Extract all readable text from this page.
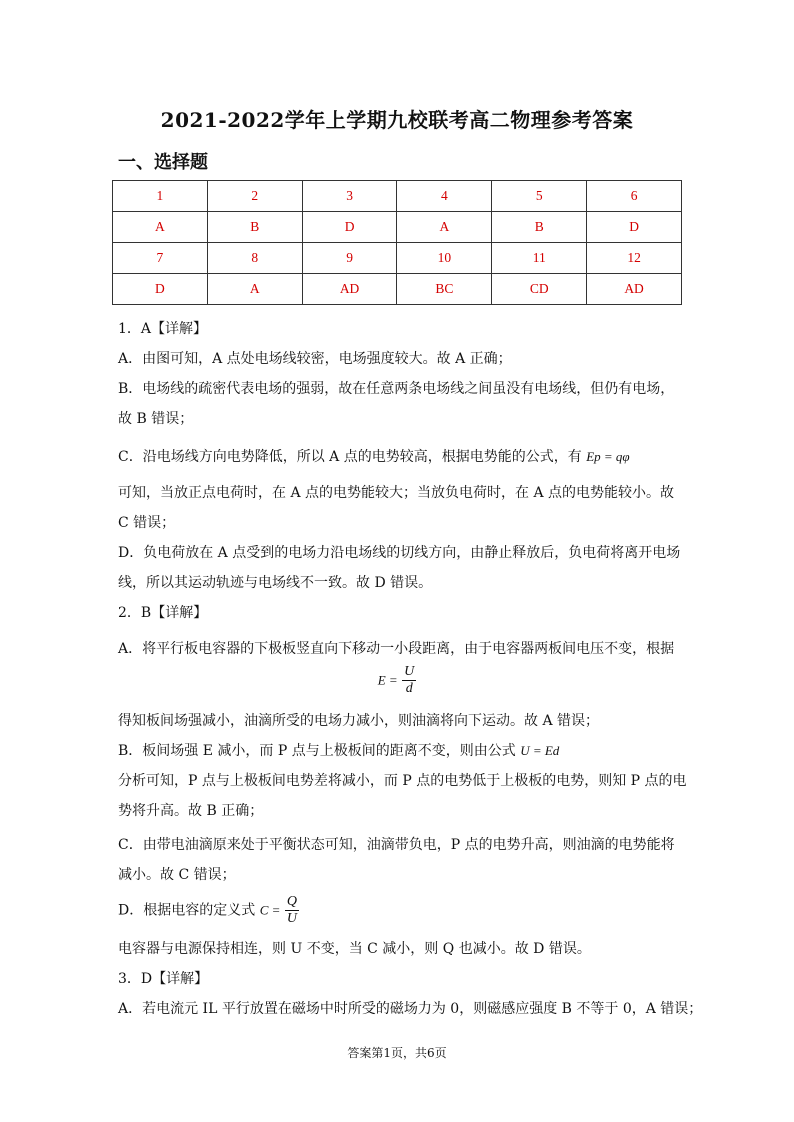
2021-2022学年上学期九校联考高二物理参考答案
一、选择题
1	2	3	4	5	6
A	B	D	A	B	D
7	8	9	10	11	12
D	A	AD	BC	CD	AD
1．A【详解】
A．由图可知，A 点处电场线较密，电场强度较大。故 A 正确；
B．电场线的疏密代表电场的强弱，故在任意两条电场线之间虽没有电场线，但仍有电场，
故 B 错误；
C．沿电场线方向电势降低，所以 A 点的电势较高，根据电势能的公式，有 Ep = qφ
可知，当放正点电荷时，在 A 点的电势能较大；当放负电荷时，在 A 点的电势能较小。故
C 错误；
D．负电荷放在 A 点受到的电场力沿电场线的切线方向，由静止释放后，负电荷将离开电场
线，所以其运动轨迹与电场线不一致。故 D 错误。
2．B【详解】
A．将平行板电容器的下极板竖直向下移动一小段距离，由于电容器两板间电压不变，根据
$E = \frac{U}{d}$
得知板间场强减小，油滴所受的电场力减小，则油滴将向下运动。故 A 错误；
B．板间场强 E 减小，而 P 点与上极板间的距离不变，则由公式 U = Ed
分析可知，P 点与上极板间电势差将减小，而 P 点的电势低于上极板的电势，则知 P 点的电
势将升高。故 B 正确；
C．由带电油滴原来处于平衡状态可知，油滴带负电，P 点的电势升高，则油滴的电势能将
减小。故 C 错误；
D．根据电容的定义式 $C = \frac{Q}{U}$
电容器与电源保持相连，则 U 不变，当 C 减小，则 Q 也减小。故 D 错误。
3．D【详解】
A．若电流元 IL 平行放置在磁场中时所受的磁场力为 0，则磁感应强度 B 不等于 0，A 错误；
答案第1页，共6页
